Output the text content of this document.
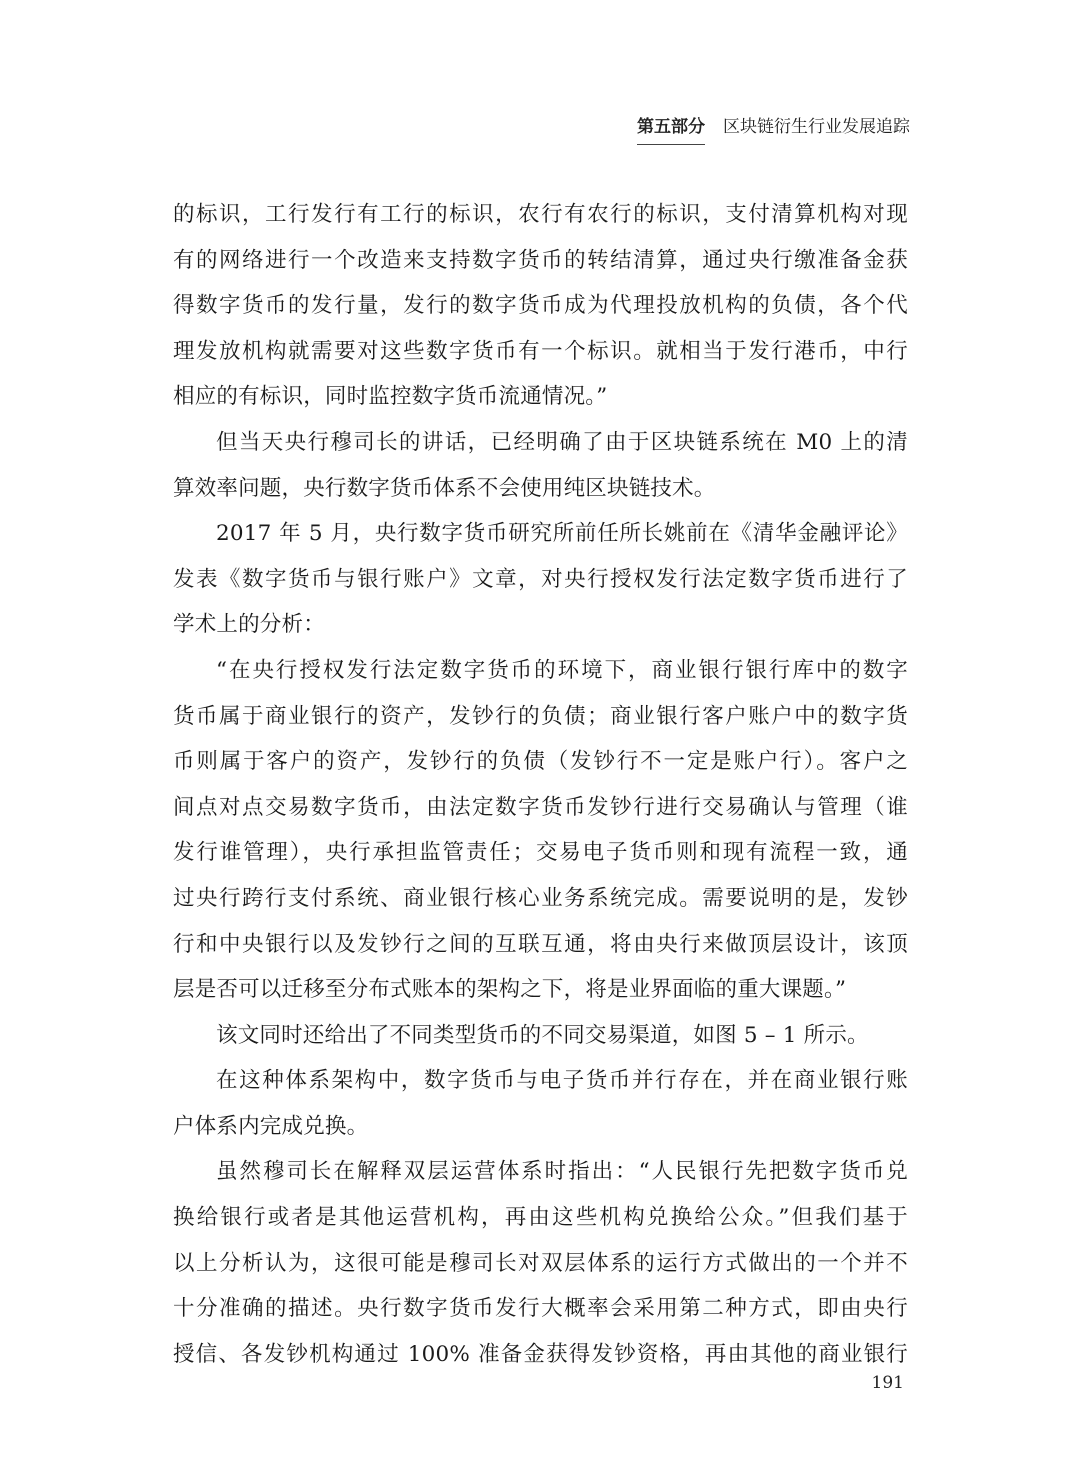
第五部分 区块链衍生行业发展追踪
的标识，工行发行有工行的标识，农行有农行的标识，支付清算机构对现
有的网络进行一个改造来支持数字货币的转结清算，通过央行缴准备金获
得数字货币的发行量，发行的数字货币成为代理投放机构的负债，各个代
理发放机构就需要对这些数字货币有一个标识。就相当于发行港币，中行
相应的有标识，同时监控数字货币流通情况。”
但当天央行穆司长的讲话，已经明确了由于区块链系统在 M0 上的清
算效率问题，央行数字货币体系不会使用纯区块链技术。
2017 年 5 月，央行数字货币研究所前任所长姚前在《清华金融评论》
发表《数字货币与银行账户》文章，对央行授权发行法定数字货币进行了
学术上的分析：
“在央行授权发行法定数字货币的环境下，商业银行银行库中的数字
货币属于商业银行的资产，发钞行的负债；商业银行客户账户中的数字货
币则属于客户的资产，发钞行的负债（发钞行不一定是账户行）。客户之
间点对点交易数字货币，由法定数字货币发钞行进行交易确认与管理（谁
发行谁管理），央行承担监管责任；交易电子货币则和现有流程一致，通
过央行跨行支付系统、商业银行核心业务系统完成。需要说明的是，发钞
行和中央银行以及发钞行之间的互联互通，将由央行来做顶层设计，该顶
层是否可以迁移至分布式账本的架构之下，将是业界面临的重大课题。”
该文同时还给出了不同类型货币的不同交易渠道，如图 5 – 1 所示。
在这种体系架构中，数字货币与电子货币并行存在，并在商业银行账
户体系内完成兑换。
虽然穆司长在解释双层运营体系时指出：“人民银行先把数字货币兑
换给银行或者是其他运营机构，再由这些机构兑换给公众。”但我们基于
以上分析认为，这很可能是穆司长对双层体系的运行方式做出的一个并不
十分准确的描述。央行数字货币发行大概率会采用第二种方式，即由央行
授信、各发钞机构通过 100% 准备金获得发钞资格，再由其他的商业银行
191
